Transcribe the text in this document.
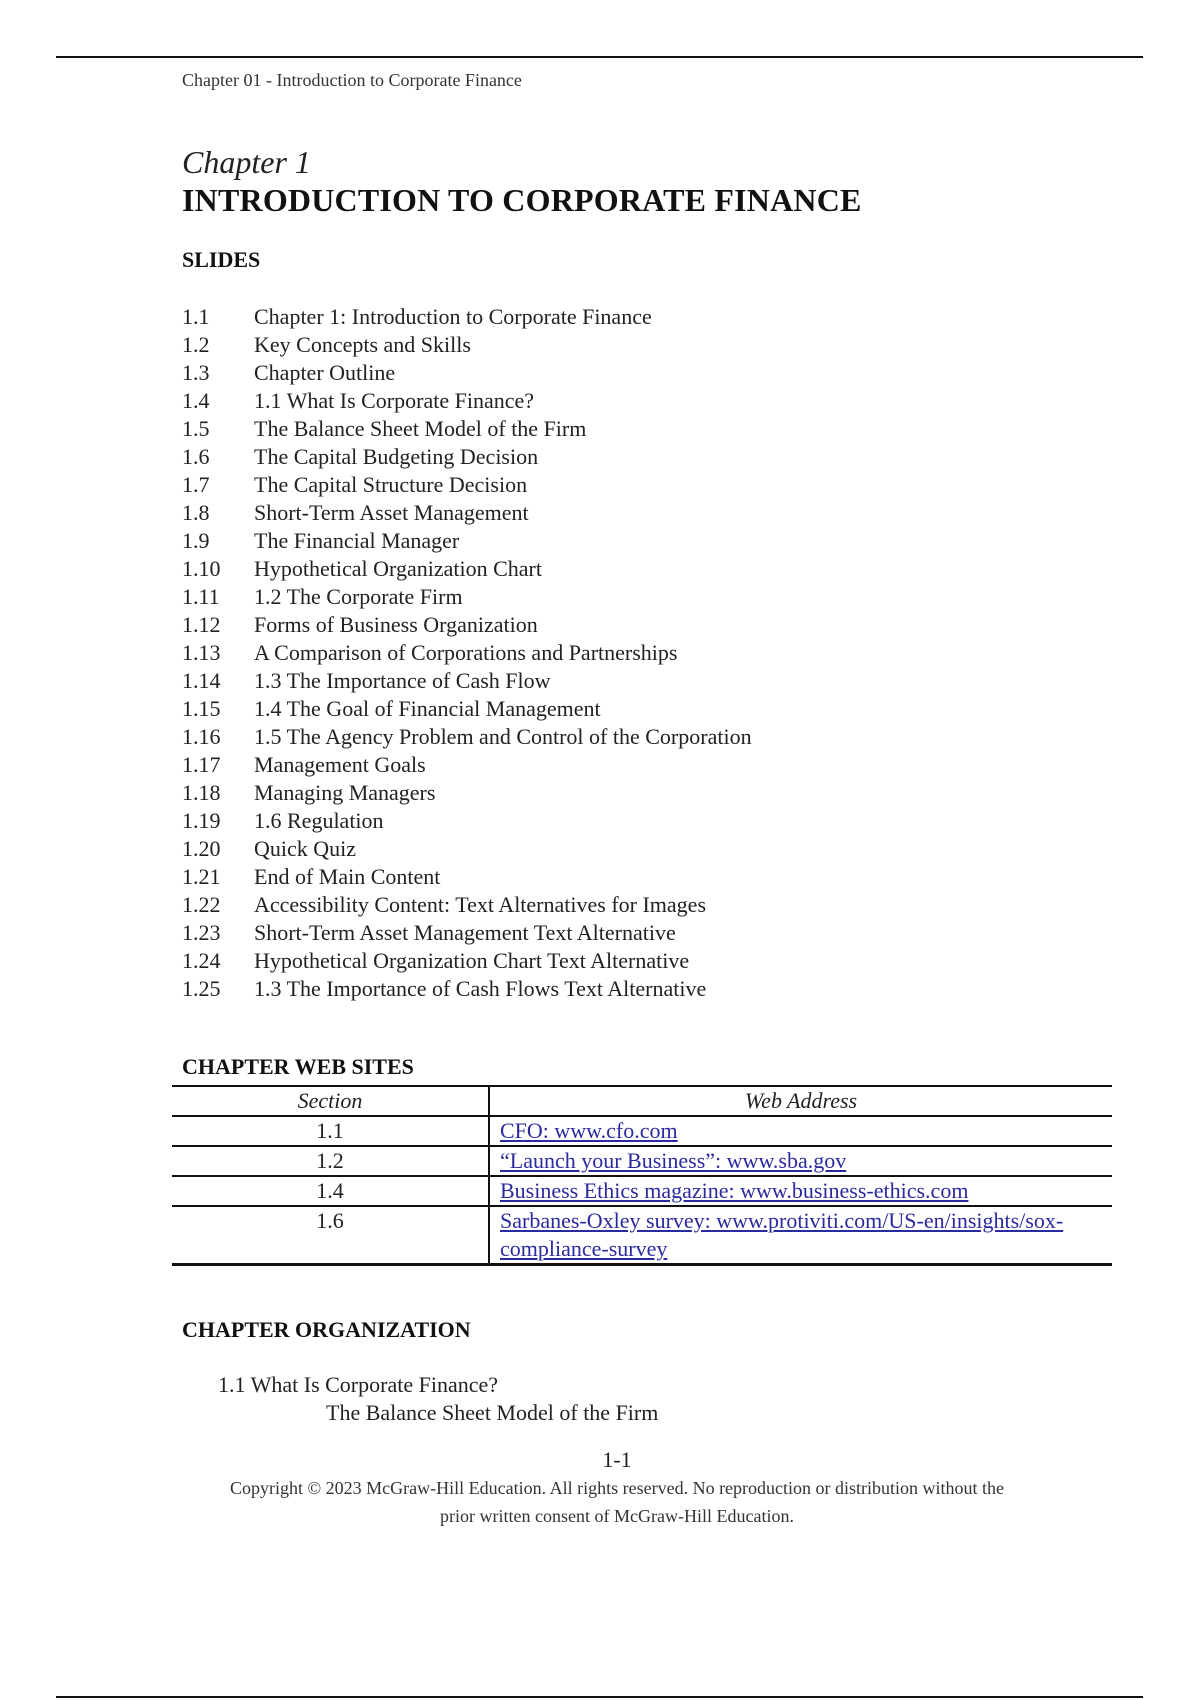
Chapter 01 - Introduction to Corporate Finance
Chapter 1
INTRODUCTION TO CORPORATE FINANCE
SLIDES
1.1 Chapter 1: Introduction to Corporate Finance
1.2 Key Concepts and Skills
1.3 Chapter Outline
1.4 1.1 What Is Corporate Finance?
1.5 The Balance Sheet Model of the Firm
1.6 The Capital Budgeting Decision
1.7 The Capital Structure Decision
1.8 Short-Term Asset Management
1.9 The Financial Manager
1.10 Hypothetical Organization Chart
1.11 1.2 The Corporate Firm
1.12 Forms of Business Organization
1.13 A Comparison of Corporations and Partnerships
1.14 1.3 The Importance of Cash Flow
1.15 1.4 The Goal of Financial Management
1.16 1.5 The Agency Problem and Control of the Corporation
1.17 Management Goals
1.18 Managing Managers
1.19 1.6 Regulation
1.20 Quick Quiz
1.21 End of Main Content
1.22 Accessibility Content: Text Alternatives for Images
1.23 Short-Term Asset Management Text Alternative
1.24 Hypothetical Organization Chart Text Alternative
1.25 1.3 The Importance of Cash Flows Text Alternative
CHAPTER WEB SITES
Section	Web Address
1.1	CFO: www.cfo.com
1.2	“Launch your Business”: www.sba.gov
1.4	Business Ethics magazine: www.business-ethics.com
1.6	Sarbanes-Oxley survey: www.protiviti.com/US-en/insights/sox-compliance-survey
CHAPTER ORGANIZATION
1.1 What Is Corporate Finance?
The Balance Sheet Model of the Firm
1-1
Copyright © 2023 McGraw-Hill Education. All rights reserved. No reproduction or distribution without the
prior written consent of McGraw-Hill Education.
